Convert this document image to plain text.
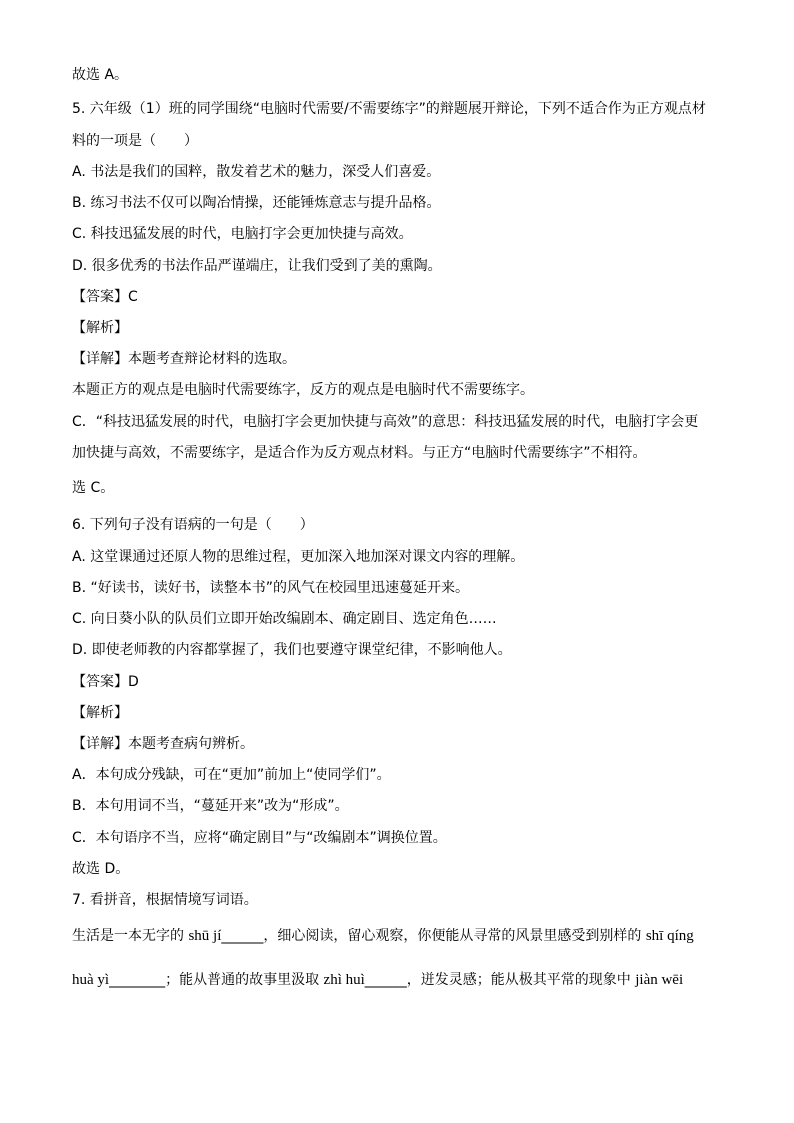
故选 A。
5. 六年级（1）班的同学围绕“电脑时代需要/不需要练字”的辩题展开辩论，下列不适合作为正方观点材
料的一项是（　　）
A. 书法是我们的国粹，散发着艺术的魅力，深受人们喜爱。
B. 练习书法不仅可以陶冶情操，还能锤炼意志与提升品格。
C. 科技迅猛发展的时代，电脑打字会更加快捷与高效。
D. 很多优秀的书法作品严谨端庄，让我们受到了美的熏陶。
【答案】C
【解析】
【详解】本题考查辩论材料的选取。
本题正方的观点是电脑时代需要练字，反方的观点是电脑时代不需要练字。
C．“科技迅猛发展的时代，电脑打字会更加快捷与高效”的意思：科技迅猛发展的时代，电脑打字会更
加快捷与高效，不需要练字，是适合作为反方观点材料。与正方“电脑时代需要练字”不相符。
选 C。
6. 下列句子没有语病的一句是（　　）
A. 这堂课通过还原人物的思维过程，更加深入地加深对课文内容的理解。
B. “好读书，读好书，读整本书”的风气在校园里迅速蔓延开来。
C. 向日葵小队的队员们立即开始改编剧本、确定剧目、选定角色……
D. 即使老师教的内容都掌握了，我们也要遵守课堂纪律，不影响他人。
【答案】D
【解析】
【详解】本题考查病句辨析。
A．本句成分残缺，可在“更加”前加上“使同学们”。
B．本句用词不当，“蔓延开来”改为“形成”。
C．本句语序不当，应将“确定剧目”与“改编剧本”调换位置。
故选 D。
7. 看拼音，根据情境写词语。
生活是一本无字的 shū jí______，细心阅读，留心观察，你便能从寻常的风景里感受到别样的 shī qíng
huà yì________；能从普通的故事里汲取 zhì huì______，迸发灵感；能从极其平常的现象中 jiàn wēi
